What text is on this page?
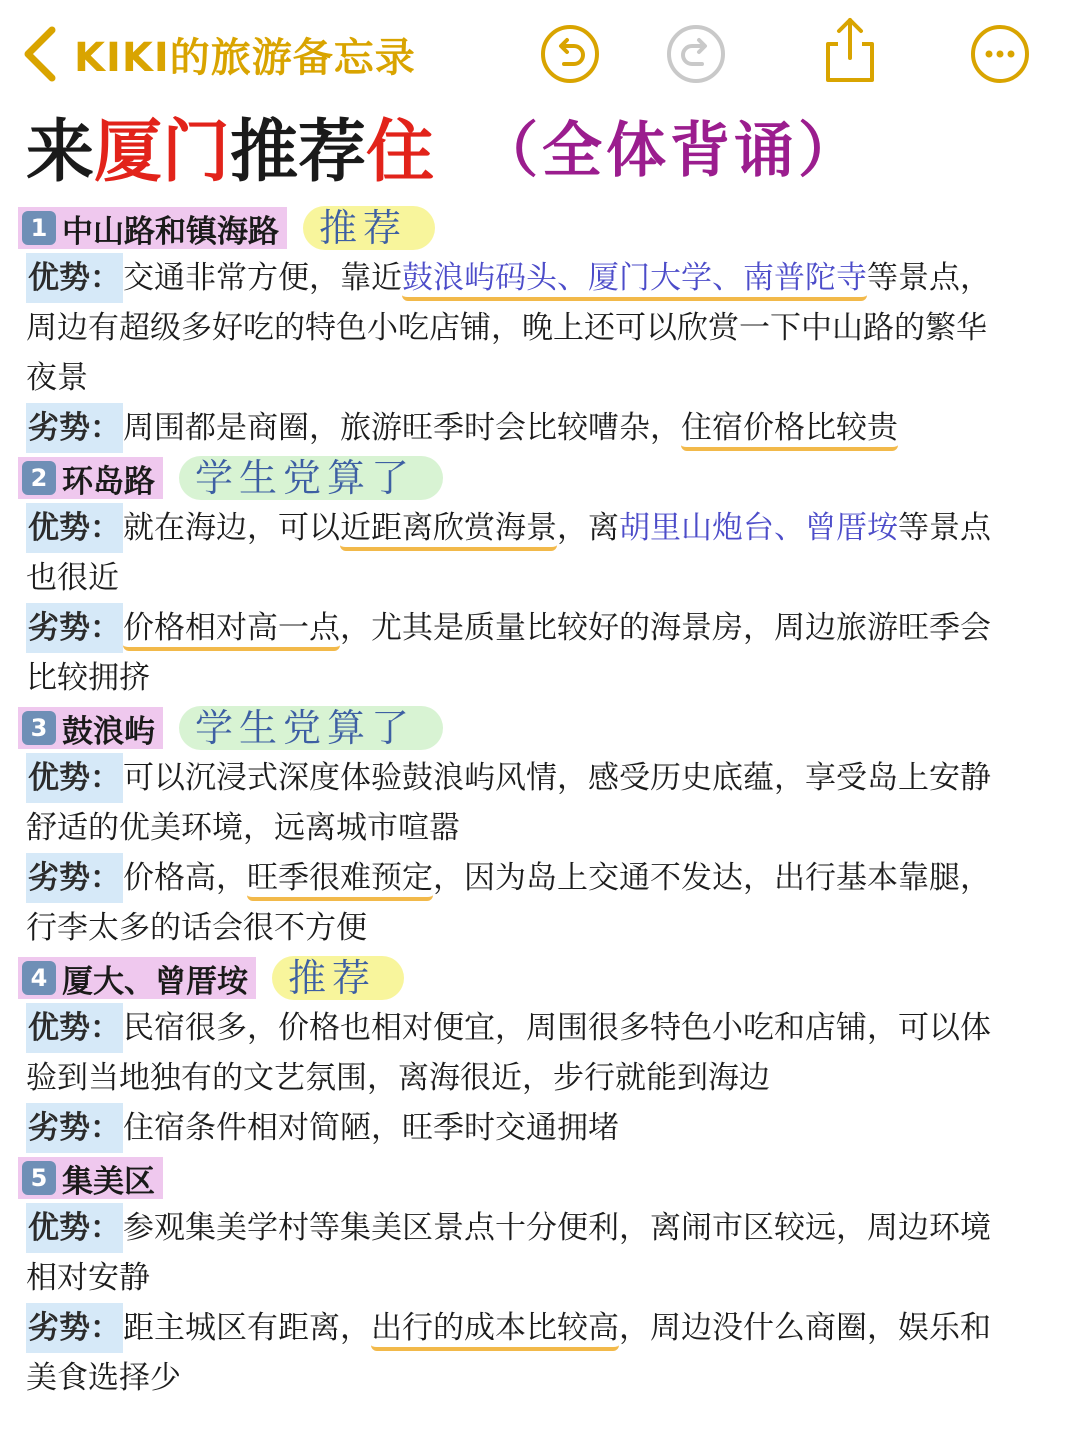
KIKI的旅游备忘录
来 厦门 推荐 住 （全体背诵）
1 中山路和镇海路	推荐
优势：交通非常方便，靠近鼓浪屿码头、厦门大学、南普陀寺等景点，
周边有超级多好吃的特色小吃店铺，晚上还可以欣赏一下中山路的繁华
夜景
劣势：周围都是商圈，旅游旺季时会比较嘈杂，住宿价格比较贵
2 环岛路	学生党算了
优势：就在海边，可以近距离欣赏海景，离胡里山炮台、曾厝垵等景点
也很近
劣势：价格相对高一点，尤其是质量比较好的海景房，周边旅游旺季会
比较拥挤
3 鼓浪屿	学生党算了
优势：可以沉浸式深度体验鼓浪屿风情，感受历史底蕴，享受岛上安静
舒适的优美环境，远离城市喧嚣
劣势：价格高，旺季很难预定，因为岛上交通不发达，出行基本靠腿，
行李太多的话会很不方便
4 厦大、曾厝垵	推荐
优势：民宿很多，价格也相对便宜，周围很多特色小吃和店铺，可以体
验到当地独有的文艺氛围，离海很近，步行就能到海边
劣势：住宿条件相对简陋，旺季时交通拥堵
5 集美区
优势：参观集美学村等集美区景点十分便利，离闹市区较远，周边环境
相对安静
劣势：距主城区有距离，出行的成本比较高，周边没什么商圈，娱乐和
美食选择少
